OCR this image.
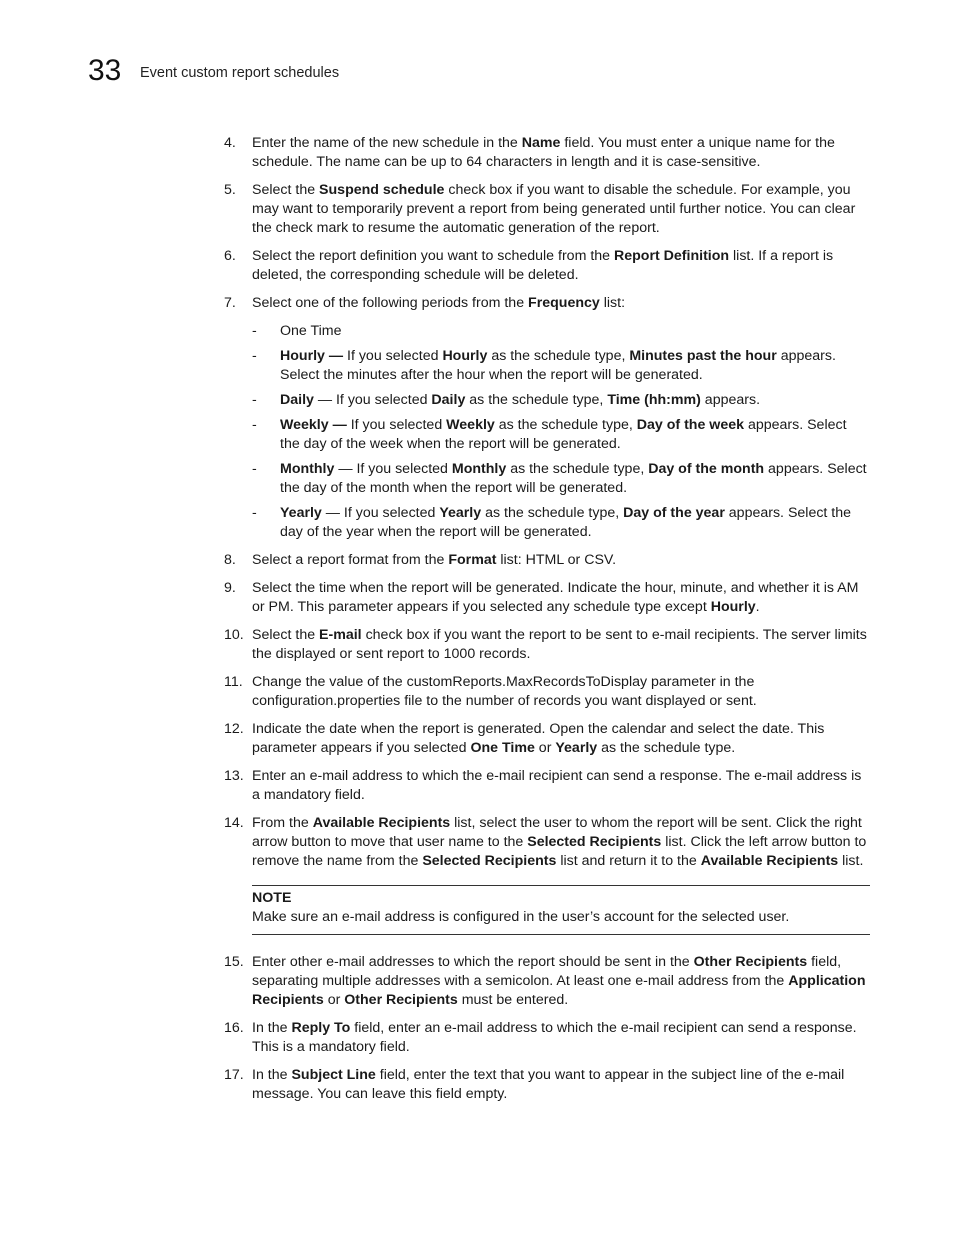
33 Event custom report schedules
4.	Enter the name of the new schedule in the Name field. You must enter a unique name for the schedule. The name can be up to 64 characters in length and it is case-sensitive.
5.	Select the Suspend schedule check box if you want to disable the schedule. For example, you may want to temporarily prevent a report from being generated until further notice. You can clear the check mark to resume the automatic generation of the report.
6.	Select the report definition you want to schedule from the Report Definition list. If a report is deleted, the corresponding schedule will be deleted.
7.	Select one of the following periods from the Frequency list:
- One Time
- Hourly — If you selected Hourly as the schedule type, Minutes past the hour appears. Select the minutes after the hour when the report will be generated.
- Daily — If you selected Daily as the schedule type, Time (hh:mm) appears.
- Weekly — If you selected Weekly as the schedule type, Day of the week appears. Select the day of the week when the report will be generated.
- Monthly — If you selected Monthly as the schedule type, Day of the month appears. Select the day of the month when the report will be generated.
- Yearly — If you selected Yearly as the schedule type, Day of the year appears. Select the day of the year when the report will be generated.
8.	Select a report format from the Format list: HTML or CSV.
9.	Select the time when the report will be generated. Indicate the hour, minute, and whether it is AM or PM. This parameter appears if you selected any schedule type except Hourly.
10. Select the E-mail check box if you want the report to be sent to e-mail recipients. The server limits the displayed or sent report to 1000 records.
11. Change the value of the customReports.MaxRecordsToDisplay parameter in the configuration.properties file to the number of records you want displayed or sent.
12. Indicate the date when the report is generated. Open the calendar and select the date. This parameter appears if you selected One Time or Yearly as the schedule type.
13. Enter an e-mail address to which the e-mail recipient can send a response. The e-mail address is a mandatory field.
14. From the Available Recipients list, select the user to whom the report will be sent. Click the right arrow button to move that user name to the Selected Recipients list. Click the left arrow button to remove the name from the Selected Recipients list and return it to the Available Recipients list.
NOTE
Make sure an e-mail address is configured in the user’s account for the selected user.
15. Enter other e-mail addresses to which the report should be sent in the Other Recipients field, separating multiple addresses with a semicolon. At least one e-mail address from the Application Recipients or Other Recipients must be entered.
16. In the Reply To field, enter an e-mail address to which the e-mail recipient can send a response. This is a mandatory field.
17. In the Subject Line field, enter the text that you want to appear in the subject line of the e-mail message. You can leave this field empty.
